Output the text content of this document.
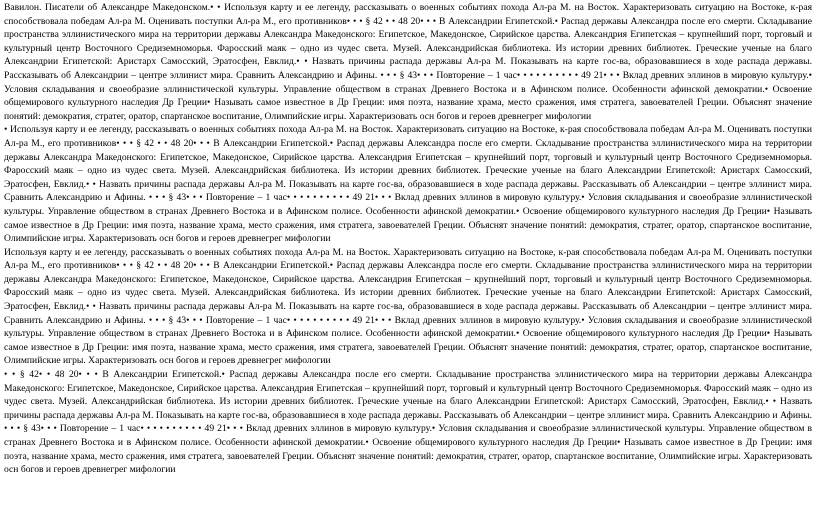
Вавилон. Писатели об Александре Македонском.• • Используя карту и ее легенду, рассказывать о военных событиях похода Ал-ра М. на Восток. Характеризовать ситуацию на Востоке, к-рая способствовала победам Ал-ра М. Оценивать поступки Ал-ра М., его противников• • • § 42 • • 48 20• • • В Александрии Египетской.• Распад державы Александра после его смерти. Складывание пространства эллинистического мира на территории державы Александра Македонского: Египетское, Македонское, Сирийское царства. Александрия Египетская – крупнейший порт, торговый и культурный центр Восточного Средиземноморья. Фаросский маяк – одно из чудес света. Музей. Александрийская библиотека. Из истории древних библиотек. Греческие ученые на благо Александрии Египетской: Аристарх Самосский, Эратосфен, Евклид.• • Назвать причины распада державы Ал-ра М. Показывать на карте гос-ва, образовавшиеся в ходе распада державы. Рассказывать об Александрии – центре эллинист мира. Сравнить Александрию и Афины. • • • § 43• • • Повторение – 1 час• • • • • • • • • • 49 21• • • Вклад древних эллинов в мировую культуру.• Условия складывания и своеобразие эллинистической культуры. Управление обществом в странах Древнего Востока и в Афинском полисе. Особенности афинской демократии.• Освоение общемирового культурного наследия Др Греции• Называть самое известное в Др Греции: имя поэта, название храма, место сражения, имя стратега, завоевателей Греции. Объяснят значение понятий: демократия, стратег, оратор, спартанское воспитание, Олимпийские игры. Характеризовать осн богов и героев древнегрег мифологии

• Используя карту и ее легенду, рассказывать о военных событиях похода Ал-ра М. на Восток. Характеризовать ситуацию на Востоке, к-рая способствовала победам Ал-ра М. Оценивать поступки Ал-ра М., его противников• • • § 42 • • 48 20• • • В Александрии Египетской.• Распад державы Александра после его смерти. Складывание пространства эллинистического мира на территории державы Александра Македонского: Египетское, Македонское, Сирийское царства. Александрия Египетская – крупнейший порт, торговый и культурный центр Восточного Средиземноморья. Фаросский маяк – одно из чудес света. Музей. Александрийская библиотека. Из истории древних библиотек. Греческие ученые на благо Александрии Египетской: Аристарх Самосский, Эратосфен, Евклид.• • Назвать причины распада державы Ал-ра М. Показывать на карте гос-ва, образовавшиеся в ходе распада державы. Рассказывать об Александрии – центре эллинист мира. Сравнить Александрию и Афины. • • • § 43• • • Повторение – 1 час• • • • • • • • • • 49 21• • • Вклад древних эллинов в мировую культуру.• Условия складывания и своеобразие эллинистической культуры. Управление обществом в странах Древнего Востока и в Афинском полисе. Особенности афинской демократии.• Освоение общемирового культурного наследия Др Греции• Называть самое известное в Др Греции: имя поэта, название храма, место сражения, имя стратега, завоевателей Греции. Объяснят значение понятий: демократия, стратег, оратор, спартанское воспитание, Олимпийские игры. Характеризовать осн богов и героев древнегрег мифологии

Используя карту и ее легенду, рассказывать о военных событиях похода Ал-ра М. на Восток. Характеризовать ситуацию на Востоке, к-рая способствовала победам Ал-ра М. Оценивать поступки Ал-ра М., его противников• • • § 42 • • 48 20• • • В Александрии Египетской.• Распад державы Александра после его смерти. Складывание пространства эллинистического мира на территории державы Александра Македонского: Египетское, Македонское, Сирийское царства. Александрия Египетская – крупнейший порт, торговый и культурный центр Восточного Средиземноморья. Фаросский маяк – одно из чудес света. Музей. Александрийская библиотека. Из истории древних библиотек. Греческие ученые на благо Александрии Египетской: Аристарх Самосский, Эратосфен, Евклид.• • Назвать причины распада державы Ал-ра М. Показывать на карте гос-ва, образовавшиеся в ходе распада державы. Рассказывать об Александрии – центре эллинист мира. Сравнить Александрию и Афины. • • • § 43• • • Повторение – 1 час• • • • • • • • • • 49 21• • • Вклад древних эллинов в мировую культуру.• Условия складывания и своеобразие эллинистической культуры. Управление обществом в странах Древнего Востока и в Афинском полисе. Особенности афинской демократии.• Освоение общемирового культурного наследия Др Греции• Называть самое известное в Др Греции: имя поэта, название храма, место сражения, имя стратега, завоевателей Греции. Объяснят значение понятий: демократия, стратег, оратор, спартанское воспитание, Олимпийские игры. Характеризовать осн богов и героев древнегрег мифологии

• • § 42• • 48 20• • • В Александрии Египетской.• Распад державы Александра после его смерти. Складывание пространства эллинистического мира на территории державы Александра Македонского: Египетское, Македонское, Сирийское царства. Александрия Египетская – крупнейший порт, торговый и культурный центр Восточного Средиземноморья. Фаросский маяк – одно из чудес света. Музей. Александрийская библиотека. Из истории древних библиотек. Греческие ученые на благо Александрии Египетской: Аристарх Самосский, Эратосфен, Евклид.• • Назвать причины распада державы Ал-ра М. Показывать на карте гос-ва, образовавшиеся в ходе распада державы. Рассказывать об Александрии – центре эллинист мира. Сравнить Александрию и Афины. • • • § 43• • • Повторение – 1 час• • • • • • • • • • 49 21• • • Вклад древних эллинов в мировую культуру.• Условия складывания и своеобразие эллинистической культуры. Управление обществом в странах Древнего Востока и в Афинском полисе. Особенности афинской демократии.• Освоение общемирового культурного наследия Др Греции• Называть самое известное в Др Греции: имя поэта, название храма, место сражения, имя стратега, завоевателей Греции. Объяснят значение понятий: демократия, стратег, оратор, спартанское воспитание, Олимпийские игры. Характеризовать осн богов и героев древнегрег мифологии
